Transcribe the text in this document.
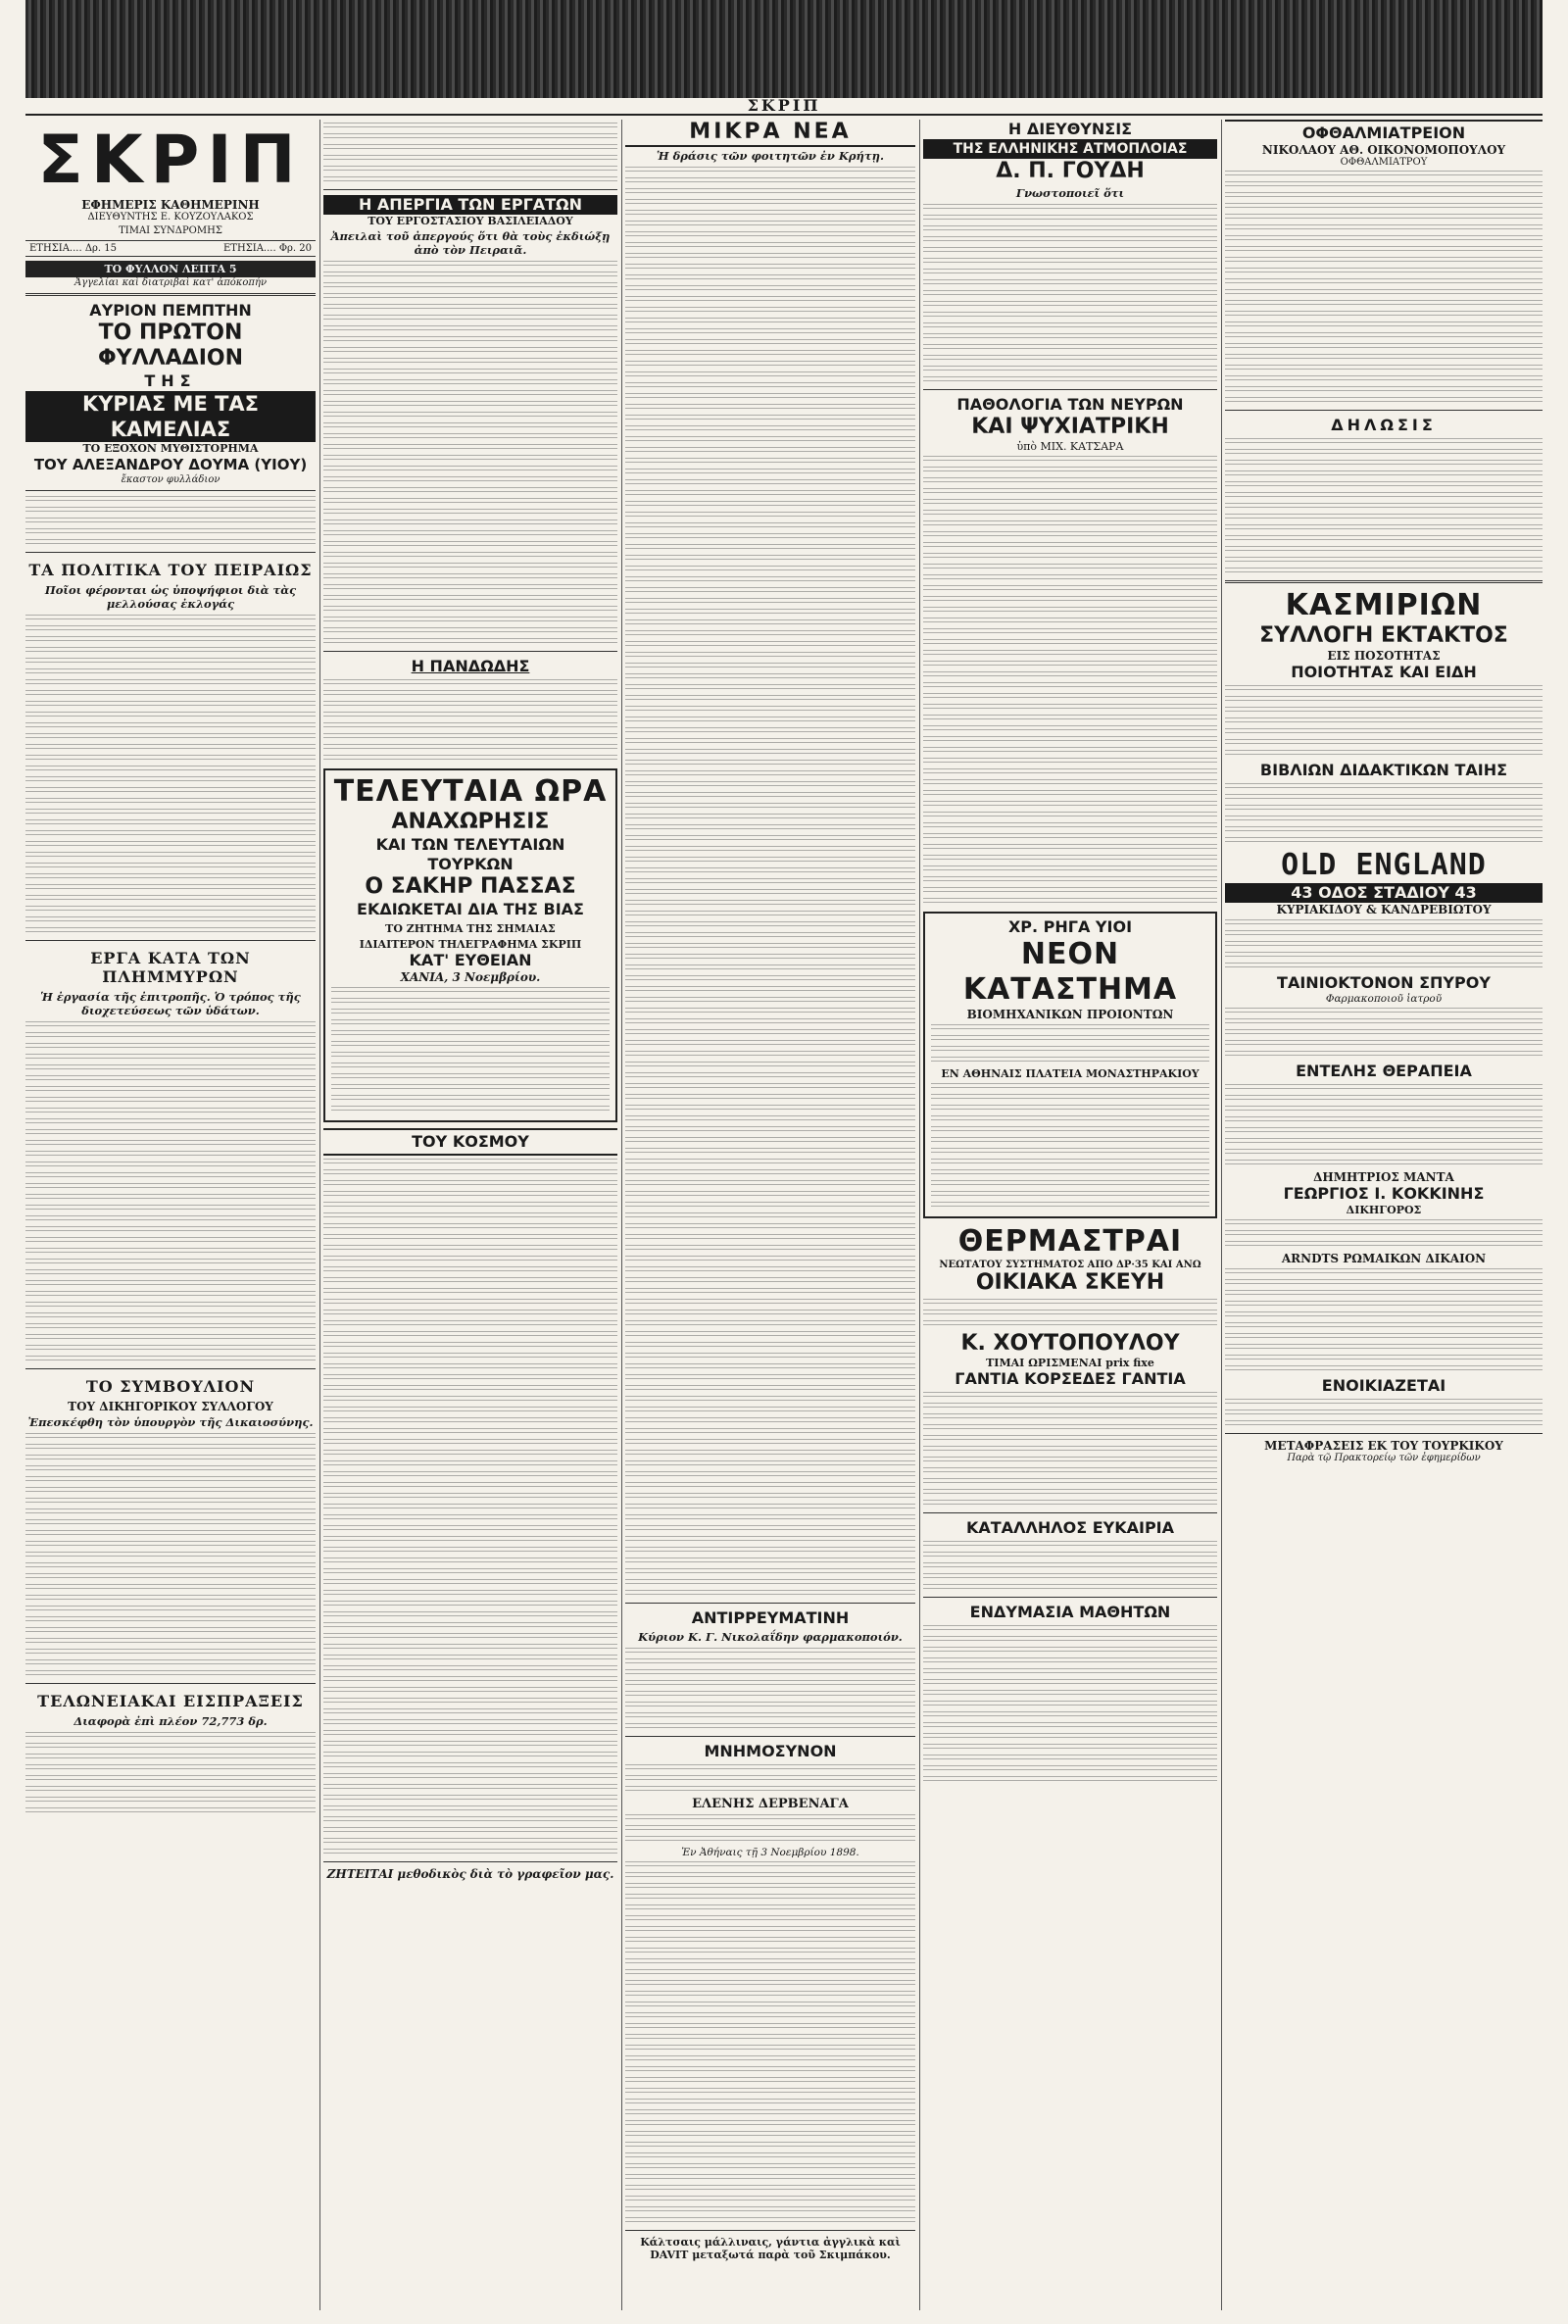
ΣΚΡΙΠ
ΣΚΡΙΠ
ΕΦΗΜΕΡΙΣ ΚΑΘΗΜΕΡΙΝΗ
ΔΙΕΥΘΥΝΤΗΣ Ε. ΚΟΥΖΟΥΛΑΚΟΣ
ΤΙΜΑΙ ΣΥΝΔΡΟΜΗΣ
ΕΤΗΣΙΑ.... Δρ. 15	ΕΤΗΣΙΑ.... Φρ. 20
ΤΟ ΦΥΛΛΟΝ ΛΕΠΤΑ 5
Ἀγγελίαι καὶ διατριβαὶ κατ' ἀπόκοπήν
ΑΥΡΙΟΝ ΠΕΜΠΤΗΝ
ΤΟ ΠΡΩΤΟΝ ΦΥΛΛΑΔΙΟΝ
ΤΗΣ
ΚΥΡΙΑΣ ΜΕ ΤΑΣ ΚΑΜΕΛΙΑΣ
ΤΟ ΕΞΟΧΟΝ ΜΥΘΙΣΤΟΡΗΜΑ
ΤΟΥ ΑΛΕΞΑΝΔΡΟΥ ΔΟΥΜΑ (ΥΙΟΥ)
ἔκαστον φυλλάδιον
ΤΑ ΠΟΛΙΤΙΚΑ ΤΟΥ ΠΕΙΡΑΙΩΣ
Ποῖοι φέρονται ὡς ὑποψήφιοι διὰ τὰς μελλούσας ἐκλογάς
ΕΡΓΑ ΚΑΤΑ ΤΩΝ ΠΛΗΜΜΥΡΩΝ
Ἡ ἐργασία τῆς ἐπιτροπῆς. Ὁ τρόπος τῆς διοχετεύσεως τῶν ὑδάτων.
ΤΟ ΣΥΜΒΟΥΛΙΟΝ
ΤΟΥ ΔΙΚΗΓΟΡΙΚΟΥ ΣΥΛΛΟΓΟΥ
Ἐπεσκέφθη τὸν ὑπουργὸν τῆς Δικαιοσύνης.
ΤΕΛΩΝΕΙΑΚΑΙ ΕΙΣΠΡΑΞΕΙΣ
Διαφορὰ ἐπὶ πλέον 72,773 δρ.
Η ΑΠΕΡΓΙΑ ΤΩΝ ΕΡΓΑΤΩΝ
ΤΟΥ ΕΡΓΟΣΤΑΣΙΟΥ ΒΑΣΙΛΕΙΑΔΟΥ
Ἀπειλαὶ τοῦ ἀπεργούς ὅτι θὰ τοὺς ἐκδιώξῃ ἀπὸ τὸν Πειραιᾶ.
Η ΠΑΝΔΩΔΗΣ
ΤΕΛΕΥΤΑΙΑ ΩΡΑ
ΑΝΑΧΩΡΗΣΙΣ
ΚΑΙ ΤΩΝ ΤΕΛΕΥΤΑΙΩΝ ΤΟΥΡΚΩΝ
Ο ΣΑΚΗΡ ΠΑΣΣΑΣ
ΕΚΔΙΩΚΕΤΑΙ ΔΙΑ ΤΗΣ ΒΙΑΣ
ΤΟ ΖΗΤΗΜΑ ΤΗΣ ΣΗΜΑΙΑΣ
ΙΔΙΑΙΤΕΡΟΝ ΤΗΛΕΓΡΑΦΗΜΑ ΣΚΡΙΠ
ΚΑΤ' ΕΥΘΕΙΑΝ
ΧΑΝΙΑ, 3 Νοεμβρίου.
ΤΟΥ ΚΟΣΜΟΥ
ΖΗΤΕΙΤΑΙ μεθοδικὸς διὰ τὸ γραφεῖον μας.
ΜΙΚΡΑ ΝΕΑ
Ἡ δράσις τῶν φοιτητῶν ἐν Κρήτῃ.
ΑΝΤΙΡΡΕΥΜΑΤΙΝΗ
Κύριον Κ. Γ. Νικολαΐδην φαρμακοποιόν.
ΜΝΗΜΟΣΥΝΟΝ
ΕΛΕΝΗΣ ΔΕΡΒΕΝΑΓΑ
Ἐν Ἀθήναις τῇ 3 Νοεμβρίου 1898.
Κάλτσαις μάλλιναις, γάντια ἀγγλικὰ καὶ DAVIT μεταξωτά παρὰ τοῦ Σκιμπάκου.
Η ΔΙΕΥΘΥΝΣΙΣ
ΤΗΣ ΕΛΛΗΝΙΚΗΣ ΑΤΜΟΠΛΟΙΑΣ
Δ. Π. ΓΟΥΔΗ
Γνωστοποιεῖ ὅτι
ΠΑΘΟΛΟΓΙΑ ΤΩΝ ΝΕΥΡΩΝ
ΚΑΙ ΨΥΧΙΑΤΡΙΚΗ
ὑπὸ ΜΙΧ. ΚΑΤΣΑΡΑ
ΧΡ. ΡΗΓΑ ΥΙΟΙ
ΝΕΟΝ ΚΑΤΑΣΤΗΜΑ
ΒΙΟΜΗΧΑΝΙΚΩΝ ΠΡΟΙΟΝΤΩΝ
ΕΝ ΑΘΗΝΑΙΣ ΠΛΑΤΕΙΑ ΜΟΝΑΣΤΗΡΑΚΙΟΥ
ΘΕΡΜΑΣΤΡΑΙ
ΝΕΩΤΑΤΟΥ ΣΥΣΤΗΜΑΤΟΣ ΑΠΟ ΔΡ·35 ΚΑΙ ΑΝΩ
ΟΙΚΙΑΚΑ ΣΚΕΥΗ
Κ. ΧΟΥΤΟΠΟΥΛΟΥ
ΤΙΜΑΙ ΩΡΙΣΜΕΝΑΙ prix fixe
ΓΑΝΤΙΑ ΚΟΡΣΕΔΕΣ ΓΑΝΤΙΑ
ΚΑΤΑΛΛΗΛΟΣ ΕΥΚΑΙΡΙΑ
ΕΝΔΥΜΑΣΙΑ ΜΑΘΗΤΩΝ
ΟΦΘΑΛΜΙΑΤΡΕΙΟΝ
ΝΙΚΟΛΑΟΥ ΑΘ. ΟΙΚΟΝΟΜΟΠΟΥΛΟΥ
ΟΦΘΑΛΜΙΑΤΡΟΥ
ΔΗΛΩΣΙΣ
ΚΑΣΜΙΡΙΩΝ
ΣΥΛΛΟΓΗ ΕΚΤΑΚΤΟΣ
ΕΙΣ ΠΟΣΟΤΗΤΑΣ
ΠΟΙΟΤΗΤΑΣ ΚΑΙ ΕΙΔΗ
ΒΙΒΛΙΩΝ ΔΙΔΑΚΤΙΚΩΝ ΤΑΙΗΣ
OLD ENGLAND
43 ΟΔΟΣ ΣΤΑΔΙΟΥ 43
ΚΥΡΙΑΚΙΔΟΥ & ΚΑΝΔΡΕΒΙΩΤΟΥ
ΤΑΙΝΙΟΚΤΟΝΟΝ ΣΠΥΡΟΥ
Φαρμακοποιοῦ ἰατροῦ
ΕΝΤΕΛΗΣ ΘΕΡΑΠΕΙΑ
ΔΗΜΗΤΡΙΟΣ ΜΑΝΤΑ
ΓΕΩΡΓΙΟΣ Ι. ΚΟΚΚΙΝΗΣ
ΔΙΚΗΓΟΡΟΣ
ARNDTS ΡΩΜΑΙΚΩΝ ΔΙΚΑΙΟΝ
ΕΝΟΙΚΙΑΖΕΤΑΙ
ΜΕΤΑΦΡΑΣΕΙΣ ΕΚ ΤΟΥ ΤΟΥΡΚΙΚΟΥ
Παρὰ τῷ Πρακτορείῳ τῶν ἐφημερίδων
